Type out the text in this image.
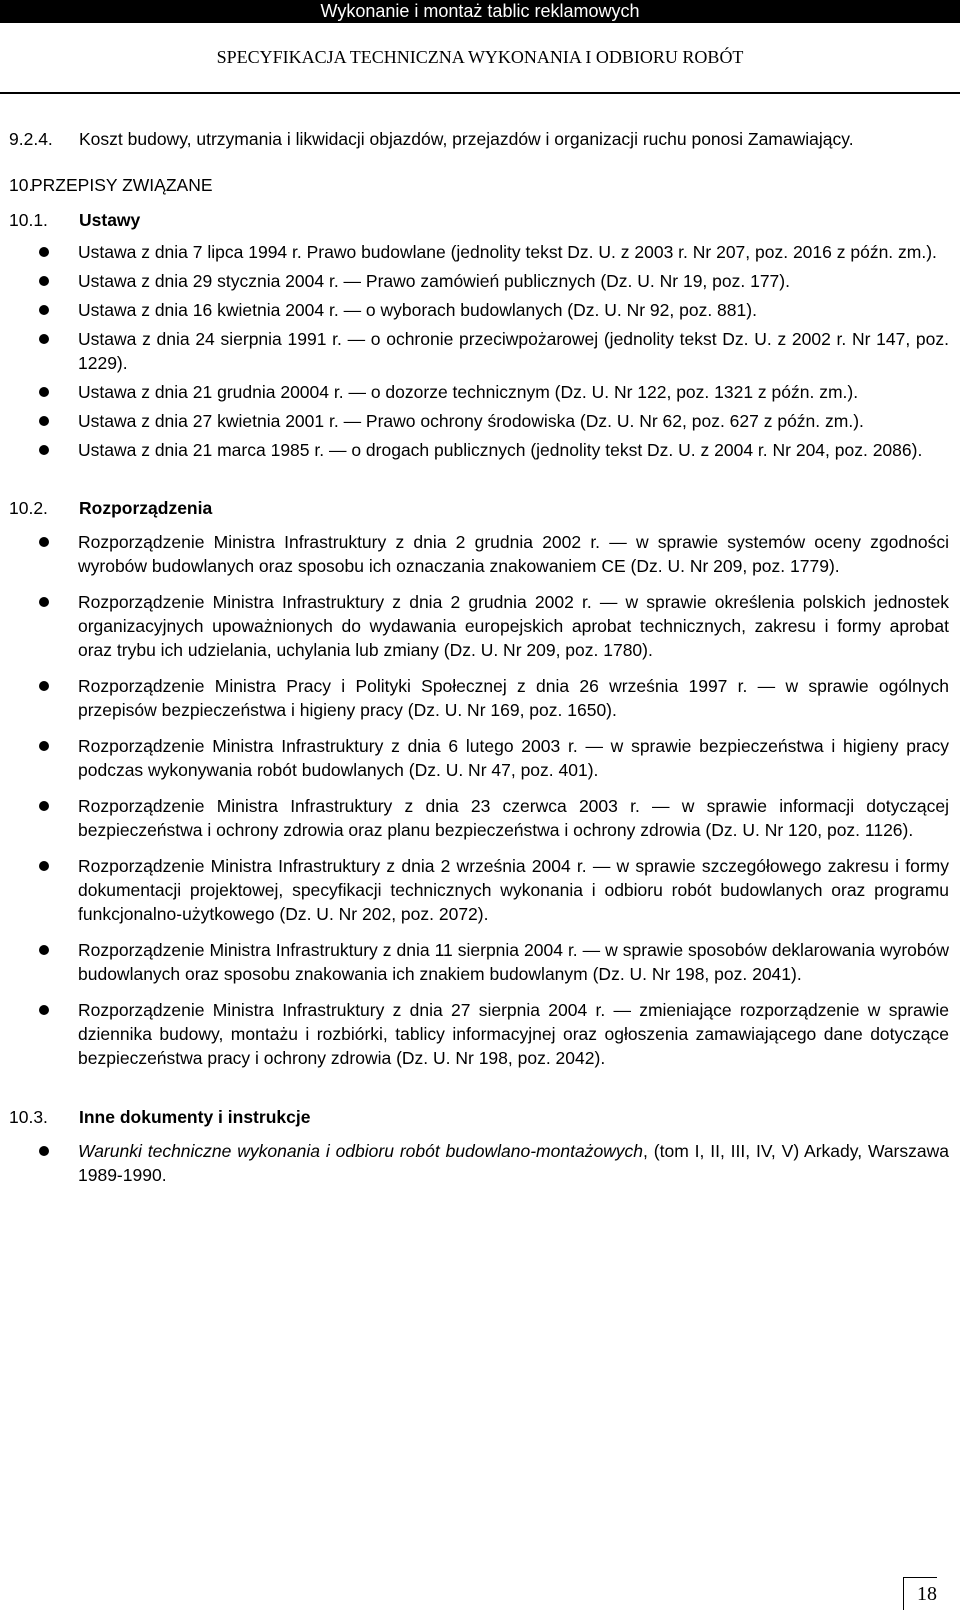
Wykonanie i montaż tablic reklamowych
SPECYFIKACJA TECHNICZNA WYKONANIA I ODBIORU ROBÓT
9.2.4.	Koszt budowy, utrzymania i likwidacji objazdów, przejazdów i organizacji ruchu ponosi Zamawiający.
10.
PRZEPISY ZWIĄZANE
10.1.	Ustawy
Ustawa z dnia 7 lipca 1994 r. Prawo budowlane (jednolity tekst Dz. U. z 2003 r. Nr 207, poz. 2016 z późn. zm.).
Ustawa z dnia 29 stycznia 2004 r. — Prawo zamówień publicznych (Dz. U. Nr 19, poz. 177).
Ustawa z dnia 16 kwietnia 2004 r. — o wyborach budowlanych (Dz. U. Nr 92, poz. 881).
Ustawa z dnia 24 sierpnia 1991 r. — o ochronie przeciwpożarowej (jednolity tekst Dz. U. z 2002 r. Nr 147, poz. 1229).
Ustawa z dnia 21 grudnia 20004 r. — o dozorze technicznym (Dz. U. Nr 122, poz. 1321 z późn. zm.).
Ustawa z dnia 27 kwietnia 2001 r. — Prawo ochrony środowiska (Dz. U. Nr 62, poz. 627 z późn. zm.).
Ustawa z dnia 21 marca 1985 r. — o drogach publicznych (jednolity tekst Dz. U. z 2004 r. Nr 204, poz. 2086).
10.2.	Rozporządzenia
Rozporządzenie Ministra Infrastruktury z dnia 2 grudnia 2002 r. — w sprawie systemów oceny zgodności wyrobów budowlanych oraz sposobu ich oznaczania znakowaniem CE (Dz. U. Nr 209, poz. 1779).
Rozporządzenie Ministra Infrastruktury z dnia 2 grudnia 2002 r. — w sprawie określenia polskich jednostek organizacyjnych upoważnionych do wydawania europejskich aprobat technicznych, zakresu i formy aprobat oraz trybu ich udzielania, uchylania lub zmiany (Dz. U. Nr 209, poz. 1780).
Rozporządzenie Ministra Pracy i Polityki Społecznej z dnia 26 września 1997 r. — w sprawie ogólnych przepisów bezpieczeństwa i higieny pracy (Dz. U. Nr 169, poz. 1650).
Rozporządzenie Ministra Infrastruktury z dnia 6 lutego 2003 r. — w sprawie bezpieczeństwa i higieny pracy podczas wykonywania robót budowlanych (Dz. U. Nr 47, poz. 401).
Rozporządzenie Ministra Infrastruktury z dnia 23 czerwca 2003 r. — w sprawie informacji dotyczącej bezpieczeństwa i ochrony zdrowia oraz planu bezpieczeństwa i ochrony zdrowia (Dz. U. Nr 120, poz. 1126).
Rozporządzenie Ministra Infrastruktury z dnia 2 września 2004 r. — w sprawie szczegółowego zakresu i formy dokumentacji projektowej, specyfikacji technicznych wykonania i odbioru robót budowlanych oraz programu funkcjonalno-użytkowego (Dz. U. Nr 202, poz. 2072).
Rozporządzenie Ministra Infrastruktury z dnia 11 sierpnia 2004 r. — w sprawie sposobów deklarowania wyrobów budowlanych oraz sposobu znakowania ich znakiem budowlanym (Dz. U. Nr 198, poz. 2041).
Rozporządzenie Ministra Infrastruktury z dnia 27 sierpnia 2004 r. — zmieniające rozporządzenie w sprawie dziennika budowy, montażu i rozbiórki, tablicy informacyjnej oraz ogłoszenia zamawiającego dane dotyczące bezpieczeństwa pracy i ochrony zdrowia (Dz. U. Nr 198, poz. 2042).
10.3.	Inne dokumenty i instrukcje
Warunki techniczne wykonania i odbioru robót budowlano-montażowych, (tom I, II, III, IV, V) Arkady, Warszawa 1989-1990.
18
